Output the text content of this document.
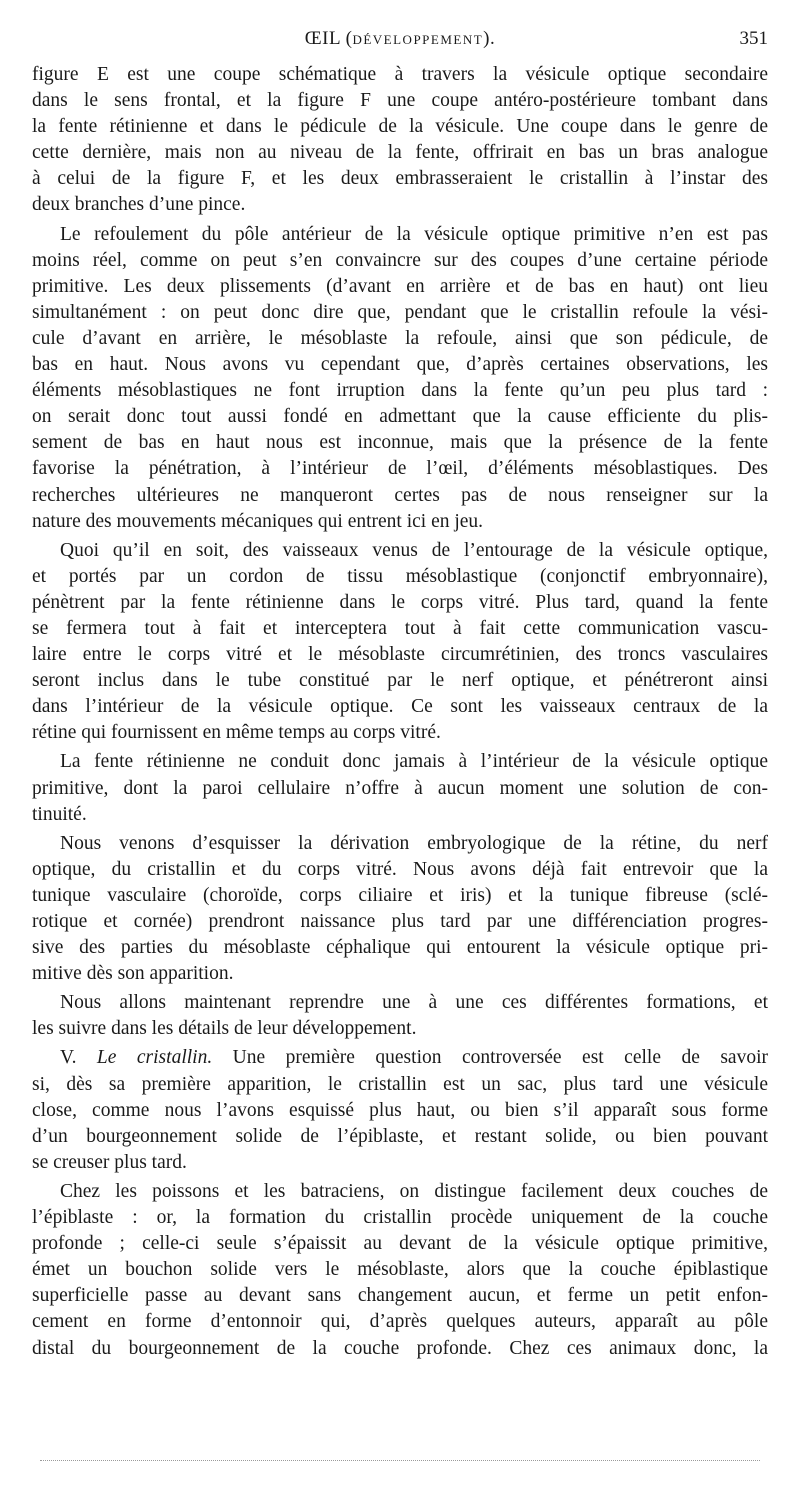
ŒIL (DÉVELOPPEMENT).	351
figure E est une coupe schématique à travers la vésicule optique secondaire
dans le sens frontal, et la figure F une coupe antéro-postérieure tombant dans
la fente rétinienne et dans le pédicule de la vésicule. Une coupe dans le genre de
cette dernière, mais non au niveau de la fente, offrirait en bas un bras analogue
à celui de la figure F, et les deux embrasseraient le cristallin à l’instar des
deux branches d’une pince.
Le refoulement du pôle antérieur de la vésicule optique primitive n’en est pas
moins réel, comme on peut s’en convaincre sur des coupes d’une certaine période
primitive. Les deux plissements (d’avant en arrière et de bas en haut) ont lieu
simultanément : on peut donc dire que, pendant que le cristallin refoule la vési-
cule d’avant en arrière, le mésoblaste la refoule, ainsi que son pédicule, de
bas en haut. Nous avons vu cependant que, d’après certaines observations, les
éléments mésoblastiques ne font irruption dans la fente qu’un peu plus tard :
on serait donc tout aussi fondé en admettant que la cause efficiente du plis-
sement de bas en haut nous est inconnue, mais que la présence de la fente
favorise la pénétration, à l’intérieur de l’œil, d’éléments mésoblastiques. Des
recherches ultérieures ne manqueront certes pas de nous renseigner sur la
nature des mouvements mécaniques qui entrent ici en jeu.
Quoi qu’il en soit, des vaisseaux venus de l’entourage de la vésicule optique,
et portés par un cordon de tissu mésoblastique (conjonctif embryonnaire),
pénètrent par la fente rétinienne dans le corps vitré. Plus tard, quand la fente
se fermera tout à fait et intercepterа tout à fait cette communication vascu-
laire entre le corps vitré et le mésoblaste circumrétinien, des troncs vasculaires
seront inclus dans le tube constitué par le nerf optique, et pénétreront ainsi
dans l’intérieur de la vésicule optique. Ce sont les vaisseaux centraux de la
rétine qui fournissent en même temps au corps vitré.
La fente rétinienne ne conduit donc jamais à l’intérieur de la vésicule optique
primitive, dont la paroi cellulaire n’offre à aucun moment une solution de con-
tinuité.
Nous venons d’esquisser la dérivation embryologique de la rétine, du nerf
optique, du cristallin et du corps vitré. Nous avons déjà fait entrevoir que la
tunique vasculaire (choroïde, corps ciliaire et iris) et la tunique fibreuse (sclé-
rotique et cornée) prendront naissance plus tard par une différenciation progres-
sive des parties du mésoblaste céphalique qui entourent la vésicule optique pri-
mitive dès son apparition.
Nous allons maintenant reprendre une à une ces différentes formations, et
les suivre dans les détails de leur développement.
V. Le cristallin. Une première question controversée est celle de savoir
si, dès sa première apparition, le cristallin est un sac, plus tard une vésicule
close, comme nous l’avons esquissé plus haut, ou bien s’il apparaît sous forme
d’un bourgeonnement solide de l’épiblaste, et restant solide, ou bien pouvant
se creuser plus tard.
Chez les poissons et les batraciens, on distingue facilement deux couches de
l’épiblaste : or, la formation du cristallin procède uniquement de la couche
profonde ; celle-ci seule s’épaissit au devant de la vésicule optique primitive,
émet un bouchon solide vers le mésoblaste, alors que la couche épiblastique
superficielle passe au devant sans changement aucun, et ferme un petit enfon-
cement en forme d’entonnoir qui, d’après quelques auteurs, apparaît au pôle
distal du bourgeonnement de la couche profonde. Chez ces animaux donc, la
